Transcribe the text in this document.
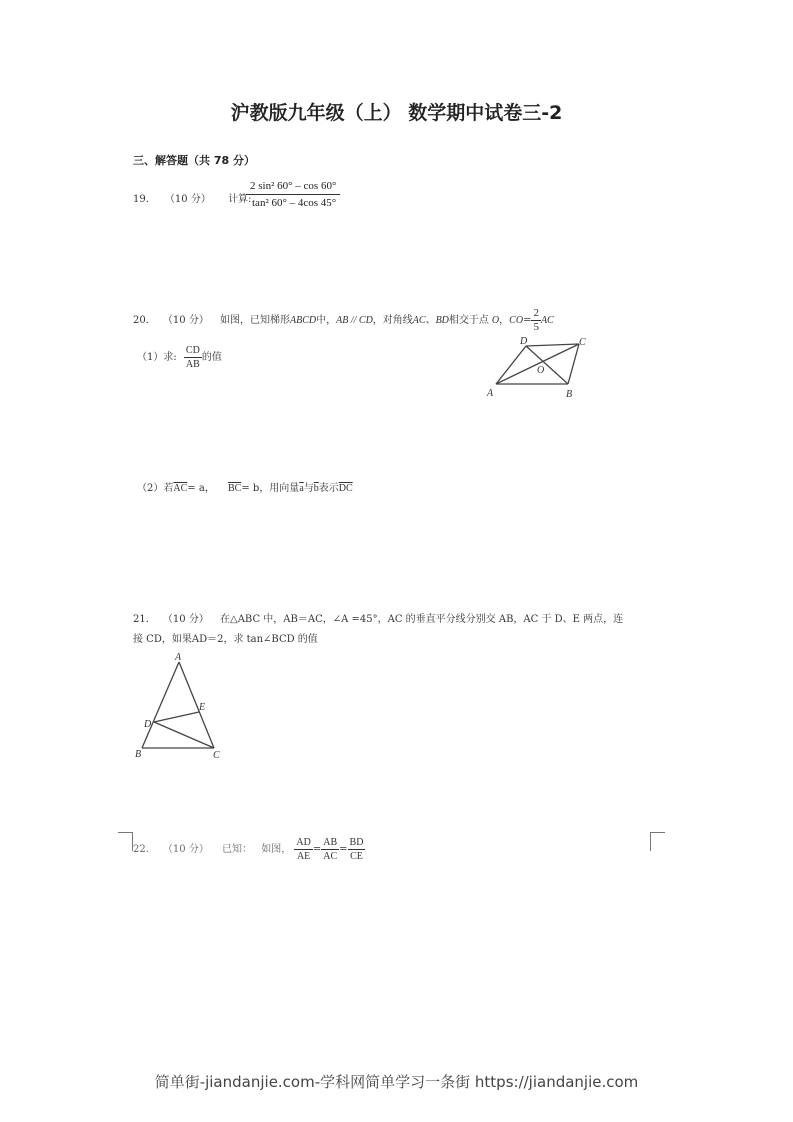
沪教版九年级（上） 数学期中试卷三-2
三、解答题（共 78 分）
19． （10 分） 计算:
$\frac{\text{2 sin² 60° – cos 60°}}{\text{tan² 60° – 4cos 45°}}$
20． （10 分） 如图，已知梯形ABCD中，AB // CD，对角线AC、BD相交于点 O，$CO= \frac{2}{5}$ AC
（1）求: $\frac{CD}{AB}$ 的值
A	B
C
D
O
（2）若$\overline{AC}= a$， $\overline{BC}= b$，用向量$\overline{a}$与$\overline{b}$表示$\overline{DC}$
21． （10 分） 在△ABC 中，AB＝AC，∠A =45°，AC 的垂直平分线分别交 AB，AC 于 D、E 两点，连
接 CD，如果AD＝2，求 tan∠BCD 的值
A
B	C
D
E
22． （10 分） 已知： 如图， $\frac{AD}{AE} = \frac{AB}{AC} = \frac{BD}{CE}$
简单街-jiandanjie.com-学科网简单学习一条街 https://jiandanjie.com
